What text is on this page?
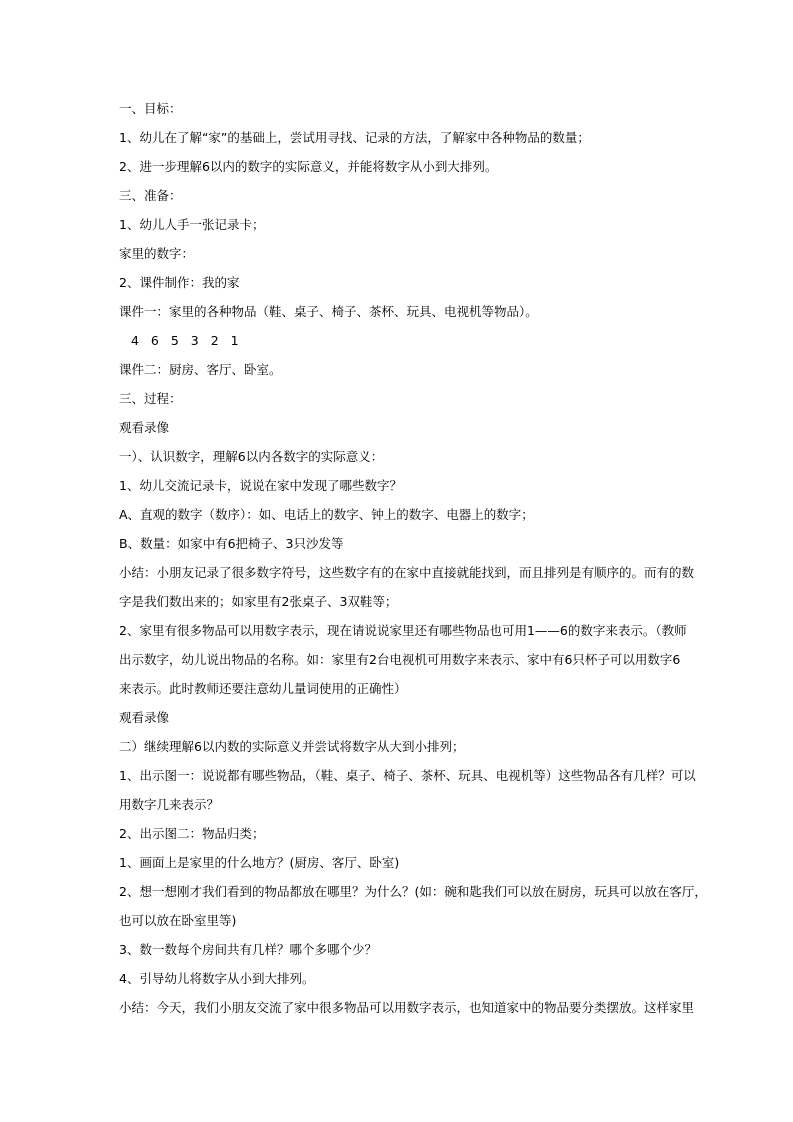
一、目标：

1、幼儿在了解“家”的基础上，尝试用寻找、记录的方法，了解家中各种物品的数量；

2、进一步理解6以内的数字的实际意义，并能将数字从小到大排列。

三、准备：

1、幼儿人手一张记录卡；

家里的数字：

2、课件制作：我的家

课件一：家里的各种物品（鞋、桌子、椅子、茶杯、玩具、电视机等物品）。

4 6 5 3 2 1

课件二：厨房、客厅、卧室。

三、过程：

观看录像

一）、认识数字，理解6以内各数字的实际意义：

1、幼儿交流记录卡，说说在家中发现了哪些数字？

A、直观的数字（数序）：如、电话上的数字、钟上的数字、电器上的数字；

B、数量：如家中有6把椅子、3只沙发等

小结：小朋友记录了很多数字符号，这些数字有的在家中直接就能找到，而且排列是有顺序的。而有的数

字是我们数出来的；如家里有2张桌子、3双鞋等；

2、家里有很多物品可以用数字表示，现在请说说家里还有哪些物品也可用1——6的数字来表示。（教师

出示数字，幼儿说出物品的名称。如：家里有2台电视机可用数字来表示、家中有6只杯子可以用数字6

来表示。此时教师还要注意幼儿量词使用的正确性）

观看录像

二）继续理解6以内数的实际意义并尝试将数字从大到小排列；

1、出示图一：说说都有哪些物品，（鞋、桌子、椅子、茶杯、玩具、电视机等）这些物品各有几样？可以

用数字几来表示？

2、出示图二：物品归类；

1、画面上是家里的什么地方？(厨房、客厅、卧室)

2、想一想刚才我们看到的物品都放在哪里？为什么？(如：碗和匙我们可以放在厨房，玩具可以放在客厅，

也可以放在卧室里等)

3、数一数每个房间共有几样？哪个多哪个少？

4、引导幼儿将数字从小到大排列。

小结：今天，我们小朋友交流了家中很多物品可以用数字表示，也知道家中的物品要分类摆放。这样家里
